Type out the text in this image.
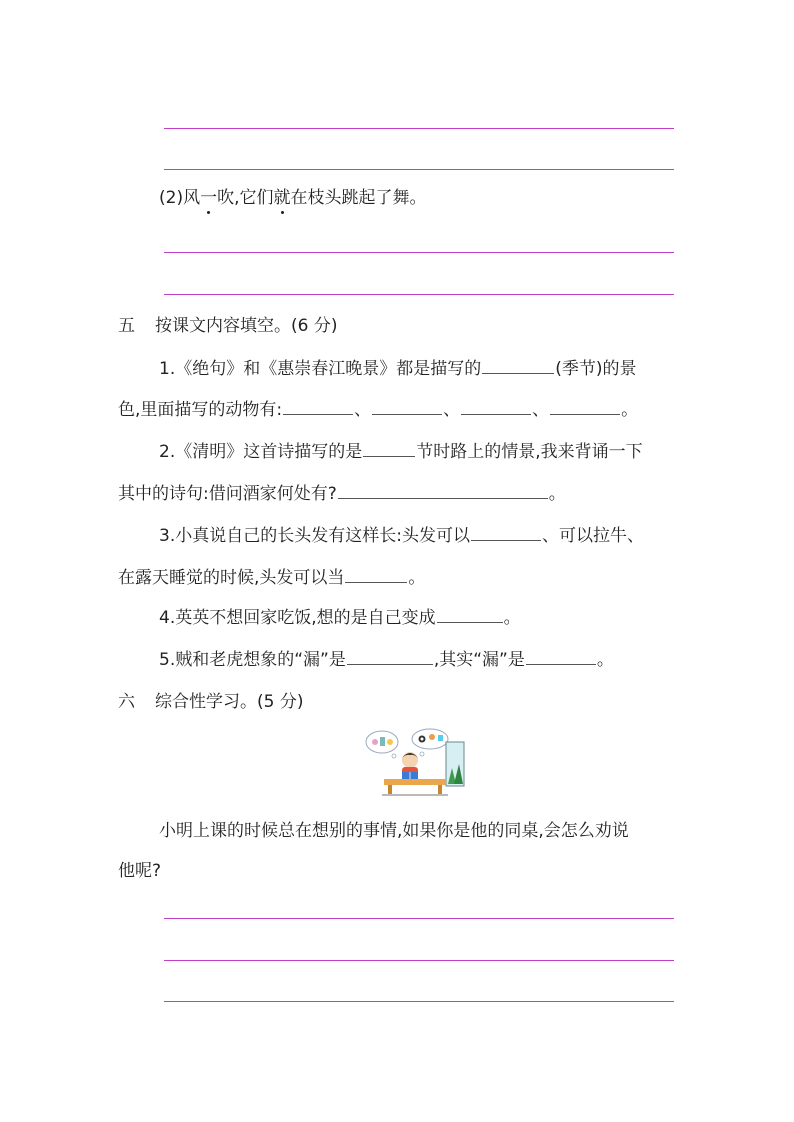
(2)风一吹,它们就在枝头跳起了舞。
五 按课文内容填空。(6 分)
1.《绝句》和《惠崇春江晚景》都是描写的	(季节)的景
色,里面描写的动物有:	、	、	、	。
2.《清明》这首诗描写的是	节时路上的情景,我来背诵一下
其中的诗句:借问酒家何处有?	。
3.小真说自己的长头发有这样长:头发可以	、可以拉牛、
在露天睡觉的时候,头发可以当	。
4.英英不想回家吃饭,想的是自己变成	。
5.贼和老虎想象的“漏”是	,其实“漏”是	。
六 综合性学习。(5 分)
小明上课的时候总在想别的事情,如果你是他的同桌,会怎么劝说
他呢?
